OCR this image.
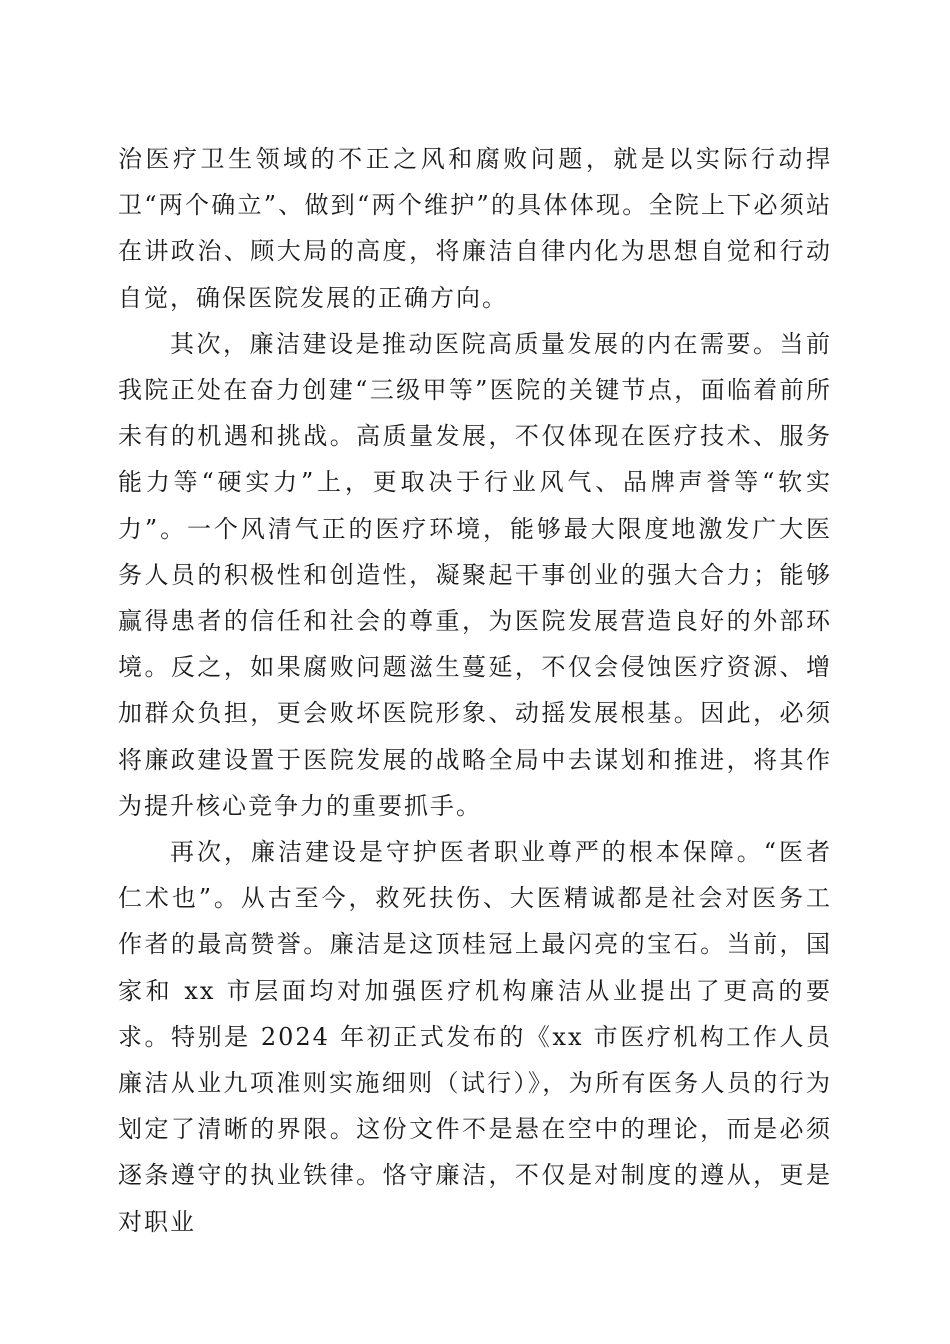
治医疗卫生领域的不正之风和腐败问题，就是以实际行动捍卫“两个确立”、做到“两个维护”的具体体现。全院上下必须站在讲政治、顾大局的高度，将廉洁自律内化为思想自觉和行动自觉，确保医院发展的正确方向。

其次，廉洁建设是推动医院高质量发展的内在需要。当前我院正处在奋力创建“三级甲等”医院的关键节点，面临着前所未有的机遇和挑战。高质量发展，不仅体现在医疗技术、服务能力等“硬实力”上，更取决于行业风气、品牌声誉等“软实力”。一个风清气正的医疗环境，能够最大限度地激发广大医务人员的积极性和创造性，凝聚起干事创业的强大合力；能够赢得患者的信任和社会的尊重，为医院发展营造良好的外部环境。反之，如果腐败问题滋生蔓延，不仅会侵蚀医疗资源、增加群众负担，更会败坏医院形象、动摇发展根基。因此，必须将廉政建设置于医院发展的战略全局中去谋划和推进，将其作为提升核心竞争力的重要抓手。

再次，廉洁建设是守护医者职业尊严的根本保障。“医者仁术也”。从古至今，救死扶伤、大医精诚都是社会对医务工作者的最高赞誉。廉洁是这顶桂冠上最闪亮的宝石。当前，国家和 xx 市层面均对加强医疗机构廉洁从业提出了更高的要求。特别是 2024 年初正式发布的《xx 市医疗机构工作人员廉洁从业九项准则实施细则（试行）》，为所有医务人员的行为划定了清晰的界限。这份文件不是悬在空中的理论，而是必须逐条遵守的执业铁律。恪守廉洁，不仅是对制度的遵从，更是对职业
